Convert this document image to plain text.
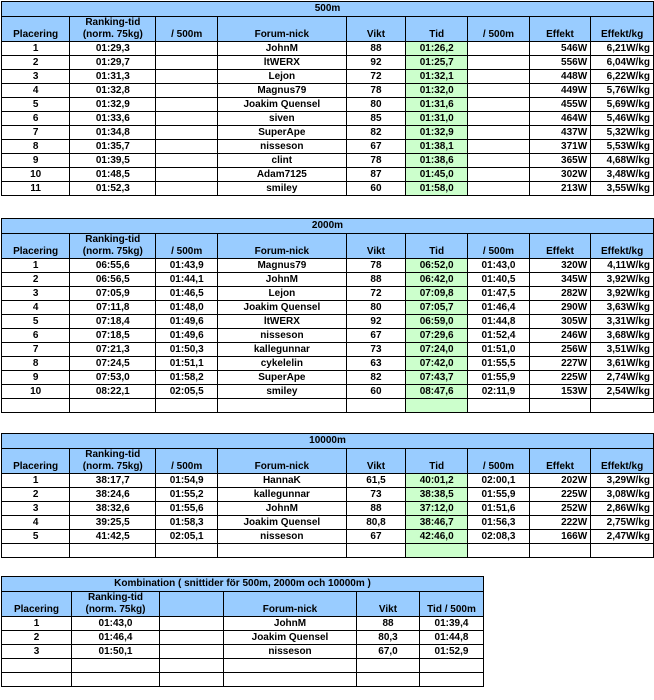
500m								
Placering	Ranking-tid
(norm. 75kg)	/ 500m	Forum-nick	Vikt	Tid	/ 500m	Effekt	Effekt/kg
1	01:29,3		JohnM	88	01:26,2		546W	6,21W/kg
2	01:29,7		ltWERX	92	01:25,7		556W	6,04W/kg
3	01:31,3		Lejon	72	01:32,1		448W	6,22W/kg
4	01:32,8		Magnus79	78	01:32,0		449W	5,76W/kg
5	01:32,9		Joakim Quensel	80	01:31,6		455W	5,69W/kg
6	01:33,6		siven	85	01:31,0		464W	5,46W/kg
7	01:34,8		SuperApe	82	01:32,9		437W	5,32W/kg
8	01:35,7		nisseson	67	01:38,1		371W	5,53W/kg
9	01:39,5		clint	78	01:38,6		365W	4,68W/kg
10	01:48,5		Adam7125	87	01:45,0		302W	3,48W/kg
11	01:52,3		smiley	60	01:58,0		213W	3,55W/kg
2000m								
Placering	Ranking-tid
(norm. 75kg)	/ 500m	Forum-nick	Vikt	Tid	/ 500m	Effekt	Effekt/kg
1	06:55,6	01:43,9	Magnus79	78	06:52,0	01:43,0	320W	4,11W/kg
2	06:56,5	01:44,1	JohnM	88	06:42,0	01:40,5	345W	3,92W/kg
3	07:05,9	01:46,5	Lejon	72	07:09,8	01:47,5	282W	3,92W/kg
4	07:11,8	01:48,0	Joakim Quensel	80	07:05,7	01:46,4	290W	3,63W/kg
5	07:18,4	01:49,6	ltWERX	92	06:59,0	01:44,8	305W	3,31W/kg
6	07:18,5	01:49,6	nisseson	67	07:29,6	01:52,4	246W	3,68W/kg
7	07:21,3	01:50,3	kallegunnar	73	07:24,0	01:51,0	256W	3,51W/kg
8	07:24,5	01:51,1	cykelelin	63	07:42,0	01:55,5	227W	3,61W/kg
9	07:53,0	01:58,2	SuperApe	82	07:43,7	01:55,9	225W	2,74W/kg
10	08:22,1	02:05,5	smiley	60	08:47,6	02:11,9	153W	2,54W/kg

10000m								
Placering	Ranking-tid
(norm. 75kg)	/ 500m	Forum-nick	Vikt	Tid	/ 500m	Effekt	Effekt/kg
1	38:17,7	01:54,9	HannaK	61,5	40:01,2	02:00,1	202W	3,29W/kg
2	38:24,6	01:55,2	kallegunnar	73	38:38,5	01:55,9	225W	3,08W/kg
3	38:32,6	01:55,6	JohnM	88	37:12,0	01:51,6	252W	2,86W/kg
4	39:25,5	01:58,3	Joakim Quensel	80,8	38:46,7	01:56,3	222W	2,75W/kg
5	41:42,5	02:05,1	nisseson	67	42:46,0	02:08,3	166W	2,47W/kg

Kombination ( snittider för 500m, 2000m och 10000m )					
Placering	Ranking-tid
(norm. 75kg)		Forum-nick	Vikt	Tid / 500m
1	01:43,0		JohnM	88	01:39,4
2	01:46,4		Joakim Quensel	80,3	01:44,8
3	01:50,1		nisseson	67,0	01:52,9
